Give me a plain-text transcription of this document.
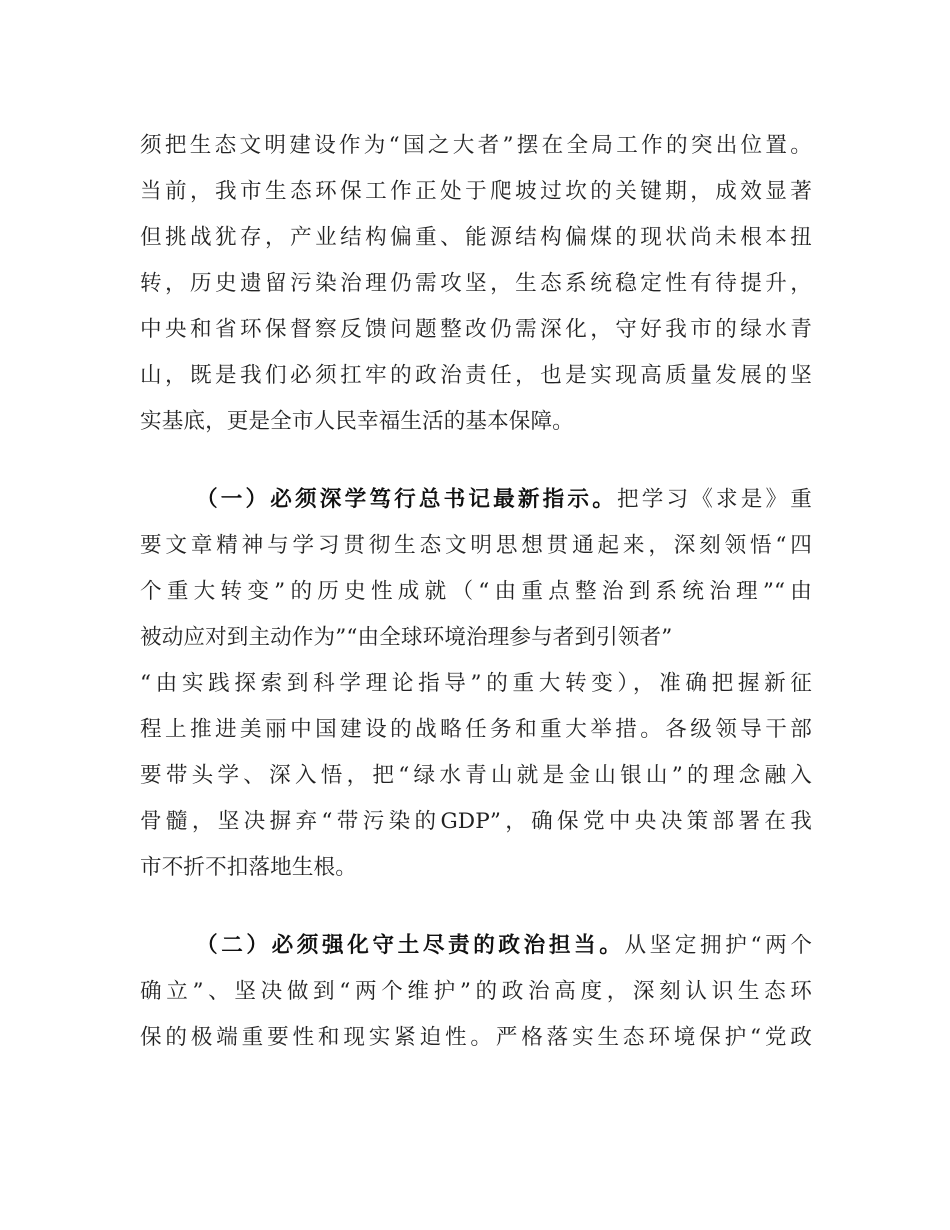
须把生态文明建设作为“国之大者”摆在全局工作的突出位置。
当前，我市生态环保工作正处于爬坡过坎的关键期，成效显著
但挑战犹存，产业结构偏重、能源结构偏煤的现状尚未根本扭
转，历史遗留污染治理仍需攻坚，生态系统稳定性有待提升，
中央和省环保督察反馈问题整改仍需深化，守好我市的绿水青
山，既是我们必须扛牢的政治责任，也是实现高质量发展的坚
实基底，更是全市人民幸福生活的基本保障。
（一）必须深学笃行总书记最新指示。把学习《求是》重
要文章精神与学习贯彻生态文明思想贯通起来，深刻领悟“四
个重大转变”的历史性成就（“由重点整治到系统治理”“由
被动应对到主动作为”“由全球环境治理参与者到引领者”
“由实践探索到科学理论指导”的重大转变），准确把握新征
程上推进美丽中国建设的战略任务和重大举措。各级领导干部
要带头学、深入悟，把“绿水青山就是金山银山”的理念融入
骨髓，坚决摒弃“带污染的GDP”，确保党中央决策部署在我
市不折不扣落地生根。
（二）必须强化守土尽责的政治担当。从坚定拥护“两个
确立”、坚决做到“两个维护”的政治高度，深刻认识生态环
保的极端重要性和现实紧迫性。严格落实生态环境保护“党政
